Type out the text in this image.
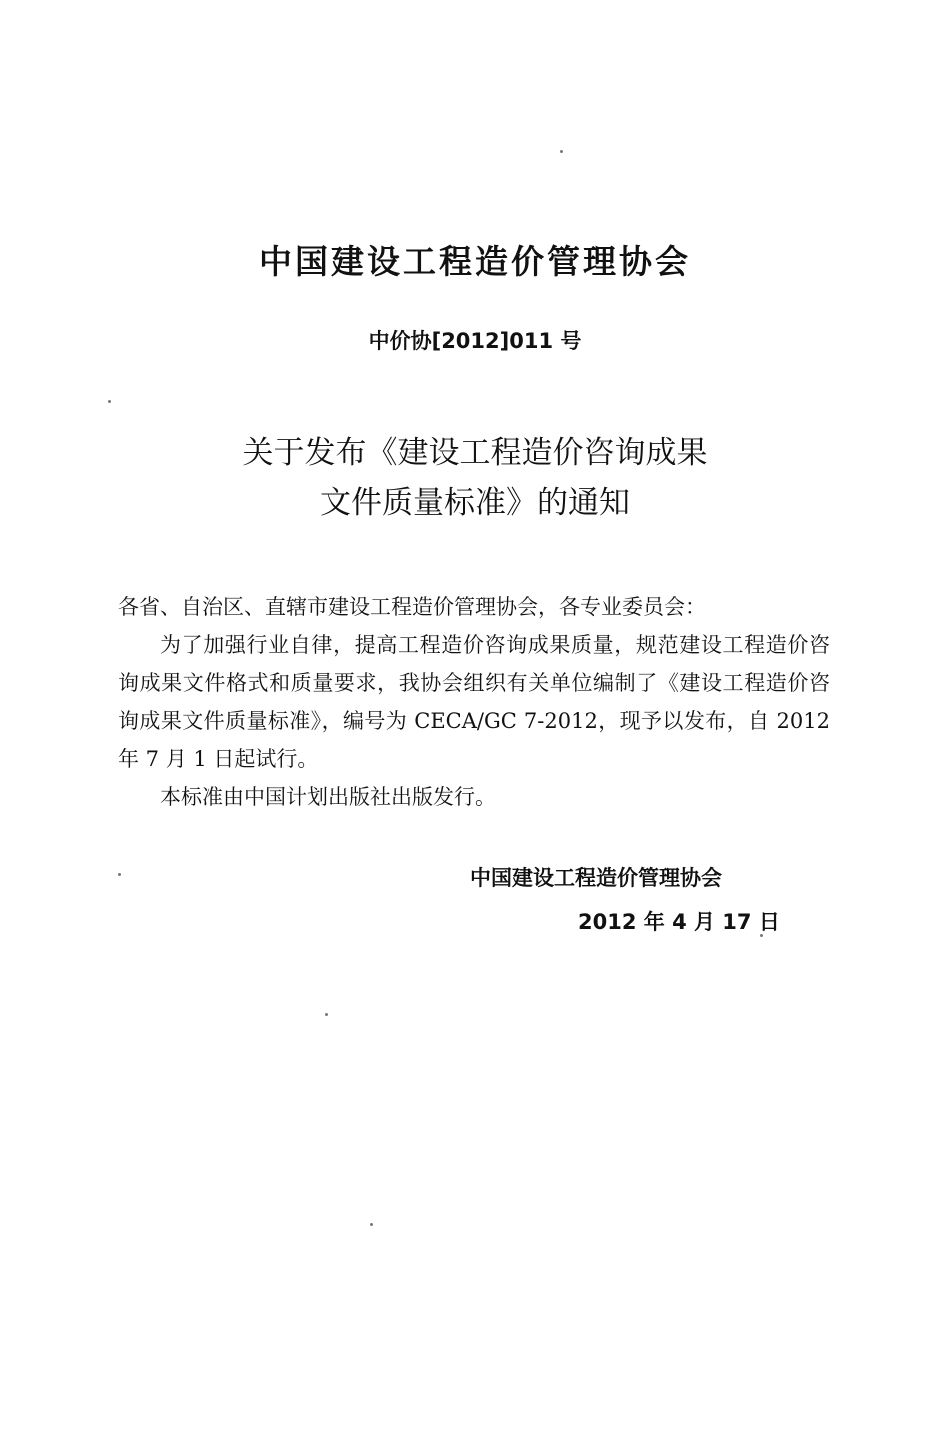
中国建设工程造价管理协会
中价协[2012]011 号
关于发布《建设工程造价咨询成果
文件质量标准》的通知

各省、自治区、直辖市建设工程造价管理协会，各专业委员会：

为了加强行业自律，提高工程造价咨询成果质量，规范建设工程造价咨询成果文件格式和质量要求，我协会组织有关单位编制了《建设工程造价咨询成果文件质量标准》，编号为 CECA/GC 7-2012，现予以发布，自 2012 年 7 月 1 日起试行。

本标准由中国计划出版社出版发行。

中国建设工程造价管理协会
2012 年 4 月 17 日
